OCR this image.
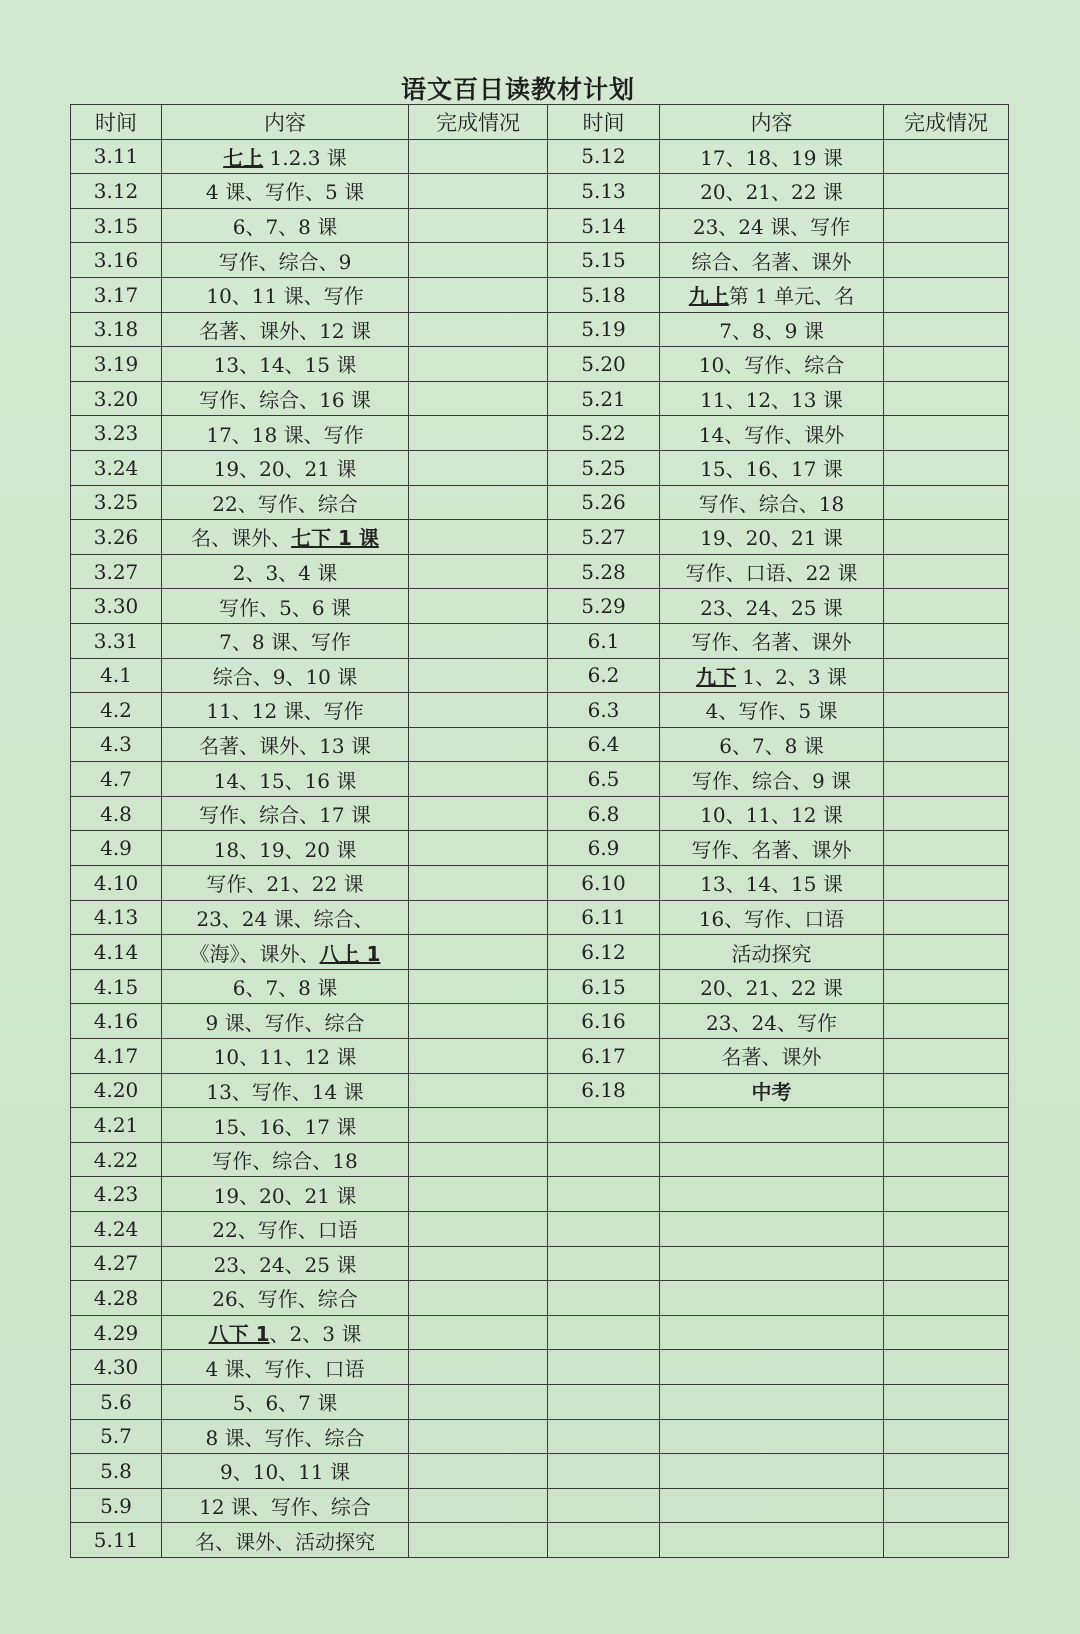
语文百日读教材计划
时间	内容	完成情况	时间	内容	完成情况
3.11	七上 1.2.3 课		5.12	17、18、19 课	
3.12	4 课、写作、5 课		5.13	20、21、22 课	
3.15	6、7、8 课		5.14	23、24 课、写作	
3.16	写作、综合、9		5.15	综合、名著、课外	
3.17	10、11 课、写作		5.18	九上第 1 单元、名	
3.18	名著、课外、12 课		5.19	7、8、9 课	
3.19	13、14、15 课		5.20	10、写作、综合	
3.20	写作、综合、16 课		5.21	11、12、13 课	
3.23	17、18 课、写作		5.22	14、写作、课外	
3.24	19、20、21 课		5.25	15、16、17 课	
3.25	22、写作、综合		5.26	写作、综合、18	
3.26	名、课外、七下 1 课		5.27	19、20、21 课	
3.27	2、3、4 课		5.28	写作、口语、22 课	
3.30	写作、5、6 课		5.29	23、24、25 课	
3.31	7、8 课、写作		6.1	写作、名著、课外	
4.1	综合、9、10 课		6.2	九下 1、2、3 课	
4.2	11、12 课、写作		6.3	4、写作、5 课	
4.3	名著、课外、13 课		6.4	6、7、8 课	
4.7	14、15、16 课		6.5	写作、综合、9 课	
4.8	写作、综合、17 课		6.8	10、11、12 课	
4.9	18、19、20 课		6.9	写作、名著、课外	
4.10	写作、21、22 课		6.10	13、14、15 课	
4.13	23、24 课、综合、		6.11	16、写作、口语	
4.14	《海》、课外、八上 1		6.12	活动探究	
4.15	6、7、8 课		6.15	20、21、22 课	
4.16	9 课、写作、综合		6.16	23、24、写作	
4.17	10、11、12 课		6.17	名著、课外	
4.20	13、写作、14 课		6.18	中考	
4.21	15、16、17 课				
4.22	写作、综合、18				
4.23	19、20、21 课				
4.24	22、写作、口语				
4.27	23、24、25 课				
4.28	26、写作、综合				
4.29	八下 1、2、3 课				
4.30	4 课、写作、口语				
5.6	5、6、7 课				
5.7	8 课、写作、综合				
5.8	9、10、11 课				
5.9	12 课、写作、综合				
5.11	名、课外、活动探究				
